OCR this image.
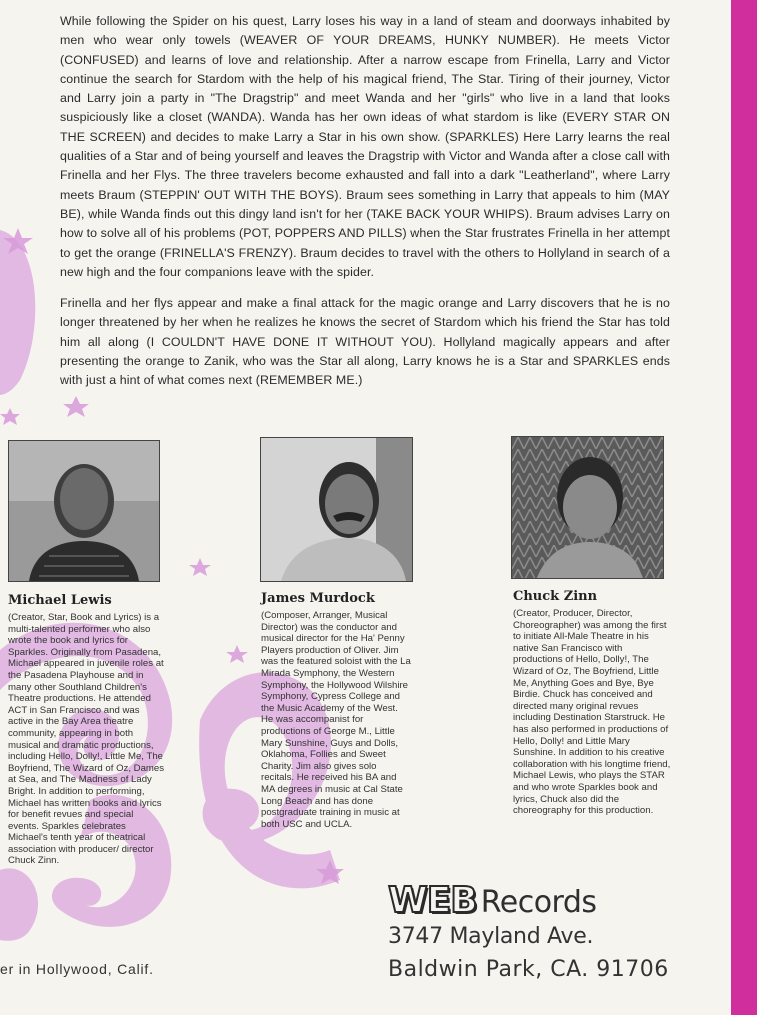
While following the Spider on his quest, Larry loses his way in a land of steam and doorways inhabited by men who wear only towels (WEAVER OF YOUR DREAMS, HUNKY NUMBER). He meets Victor (CONFUSED) and learns of love and relationship. After a narrow escape from Frinella, Larry and Victor continue the search for Stardom with the help of his magical friend, The Star. Tiring of their journey, Victor and Larry join a party in "The Dragstrip" and meet Wanda and her "girls" who live in a land that looks suspiciously like a closet (WANDA). Wanda has her own ideas of what stardom is like (EVERY STAR ON THE SCREEN) and decides to make Larry a Star in his own show. (SPARKLES) Here Larry learns the real qualities of a Star and of being yourself and leaves the Dragstrip with Victor and Wanda after a close call with Frinella and her Flys. The three travelers become exhausted and fall into a dark "Leatherland", where Larry meets Braum (STEPPIN' OUT WITH THE BOYS). Braum sees something in Larry that appeals to him (MAY BE), while Wanda finds out this dingy land isn't for her (TAKE BACK YOUR WHIPS). Braum advises Larry on how to solve all of his problems (POT, POPPERS AND PILLS) when the Star frustrates Frinella in her attempt to get the orange (FRINELLA'S FRENZY). Braum decides to travel with the others to Hollyland in search of a new high and the four companions leave with the spider.

Frinella and her flys appear and make a final attack for the magic orange and Larry discovers that he is no longer threatened by her when he realizes he knows the secret of Stardom which his friend the Star has told him all along (I COULDN'T HAVE DONE IT WITHOUT YOU). Hollyland magically appears and after presenting the orange to Zanik, who was the Star all along, Larry knows he is a Star and SPARKLES ends with just a hint of what comes next (REMEMBER ME.)

Michael Lewis
(Creator, Star, Book and Lyrics) is a multi-talented performer who also wrote the book and lyrics for Sparkles. Originally from Pasadena, Michael appeared in juvenile roles at the Pasadena Playhouse and in many other Southland Children's Theatre productions. He attended ACT in San Francisco and was active in the Bay Area theatre community, appearing in both musical and dramatic productions, including Hello, Dolly!, Little Me, The Boyfriend, The Wizard of Oz, Dames at Sea, and The Madness of Lady Bright. In addition to performing, Michael has written books and lyrics for benefit revues and special events. Sparkles celebrates Michael's tenth year of theatrical association with producer/ director Chuck Zinn.
James Murdock
(Composer, Arranger, Musical Director) was the conductor and musical director for the Ha' Penny Players production of Oliver. Jim was the featured soloist with the La Mirada Symphony, the Western Symphony, the Hollywood Wilshire Symphony, Cypress College and the Music Academy of the West. He was accompanist for productions of George M., Little Mary Sunshine, Guys and Dolls, Oklahoma, Follies and Sweet Charity. Jim also gives solo recitals. He received his BA and MA degrees in music at Cal State Long Beach and has done postgraduate training in music at both USC and UCLA.
Chuck Zinn
(Creator, Producer, Director, Choreographer) was among the first to initiate All-Male Theatre in his native San Francisco with productions of Hello, Dolly!, The Wizard of Oz, The Boyfriend, Little Me, Anything Goes and Bye, Bye Birdie. Chuck has conceived and directed many original revues including Destination Starstruck. He has also performed in productions of Hello, Dolly! and Little Mary Sunshine. In addition to his creative collaboration with his longtime friend, Michael Lewis, who plays the STAR and who wrote Sparkles book and lyrics, Chuck also did the choreography for this production.
WEB Records
3747 Mayland Ave.
Baldwin Park, CA. 91706
er in Hollywood, Calif.
